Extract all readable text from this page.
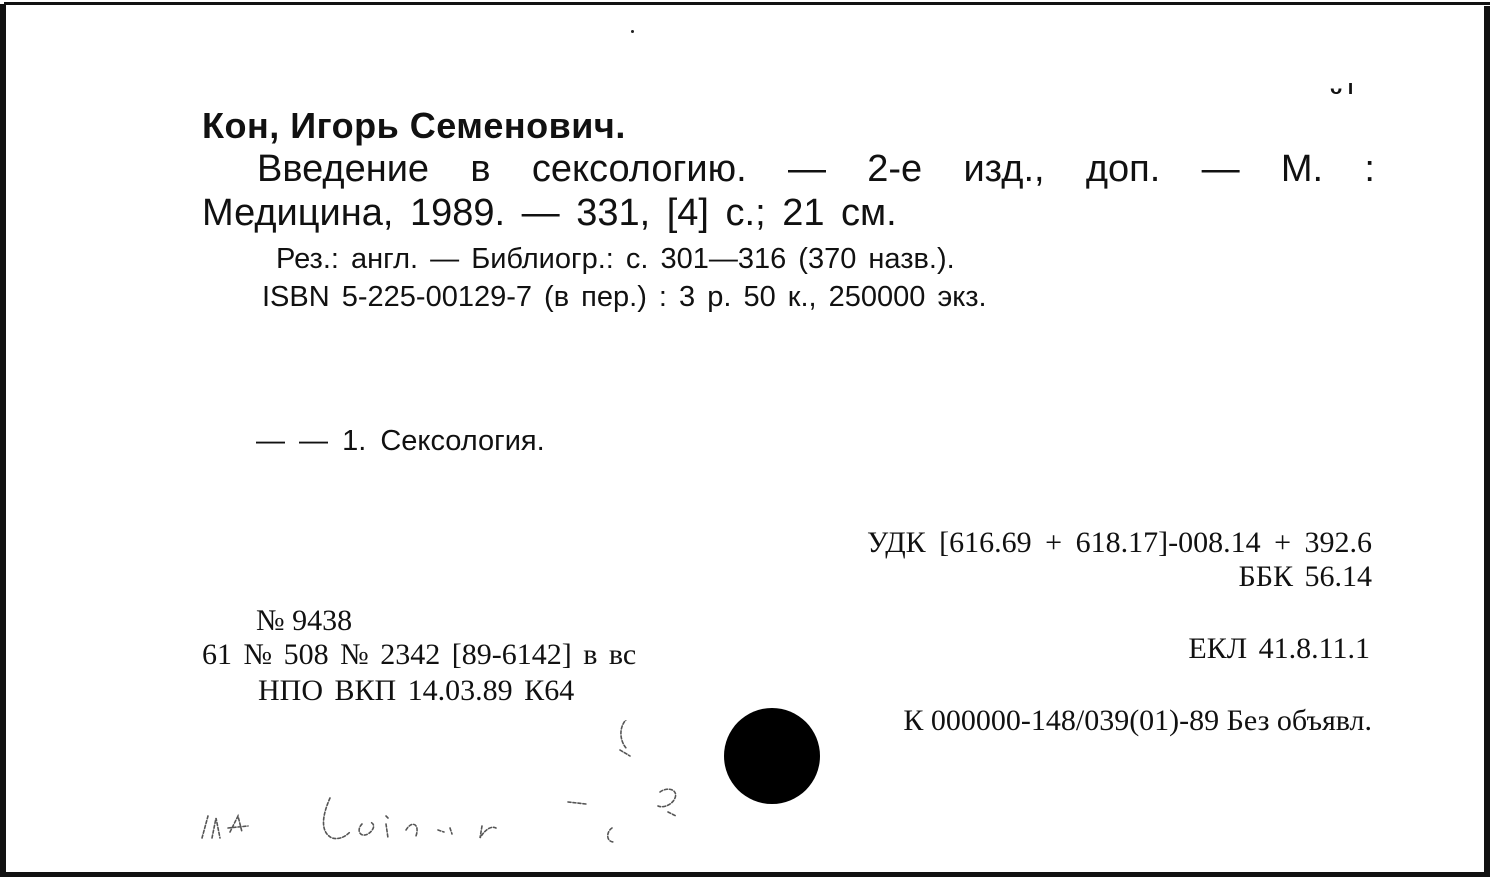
ᴗ ı
Кон, Игорь Семенович.
Введение в сексологию. — 2-е изд., доп. — М. :
Медицина, 1989. — 331, [4] с.; 21 см.
Рез.: англ. — Библиогр.: с. 301—316 (370 назв.).
ISBN 5-225-00129-7 (в пер.) : 3 р. 50 к., 250000 экз.
— — 1. Сексология.
УДК [616.69 + 618.17]-008.14 + 392.6
ББК 56.14
№ 9438
61 № 508 № 2342 [89-6142] в вс	ЕКЛ 41.8.11.1
НПО ВКП 14.03.89 К64
К 000000-148/039(01)-89 Без объявл.
